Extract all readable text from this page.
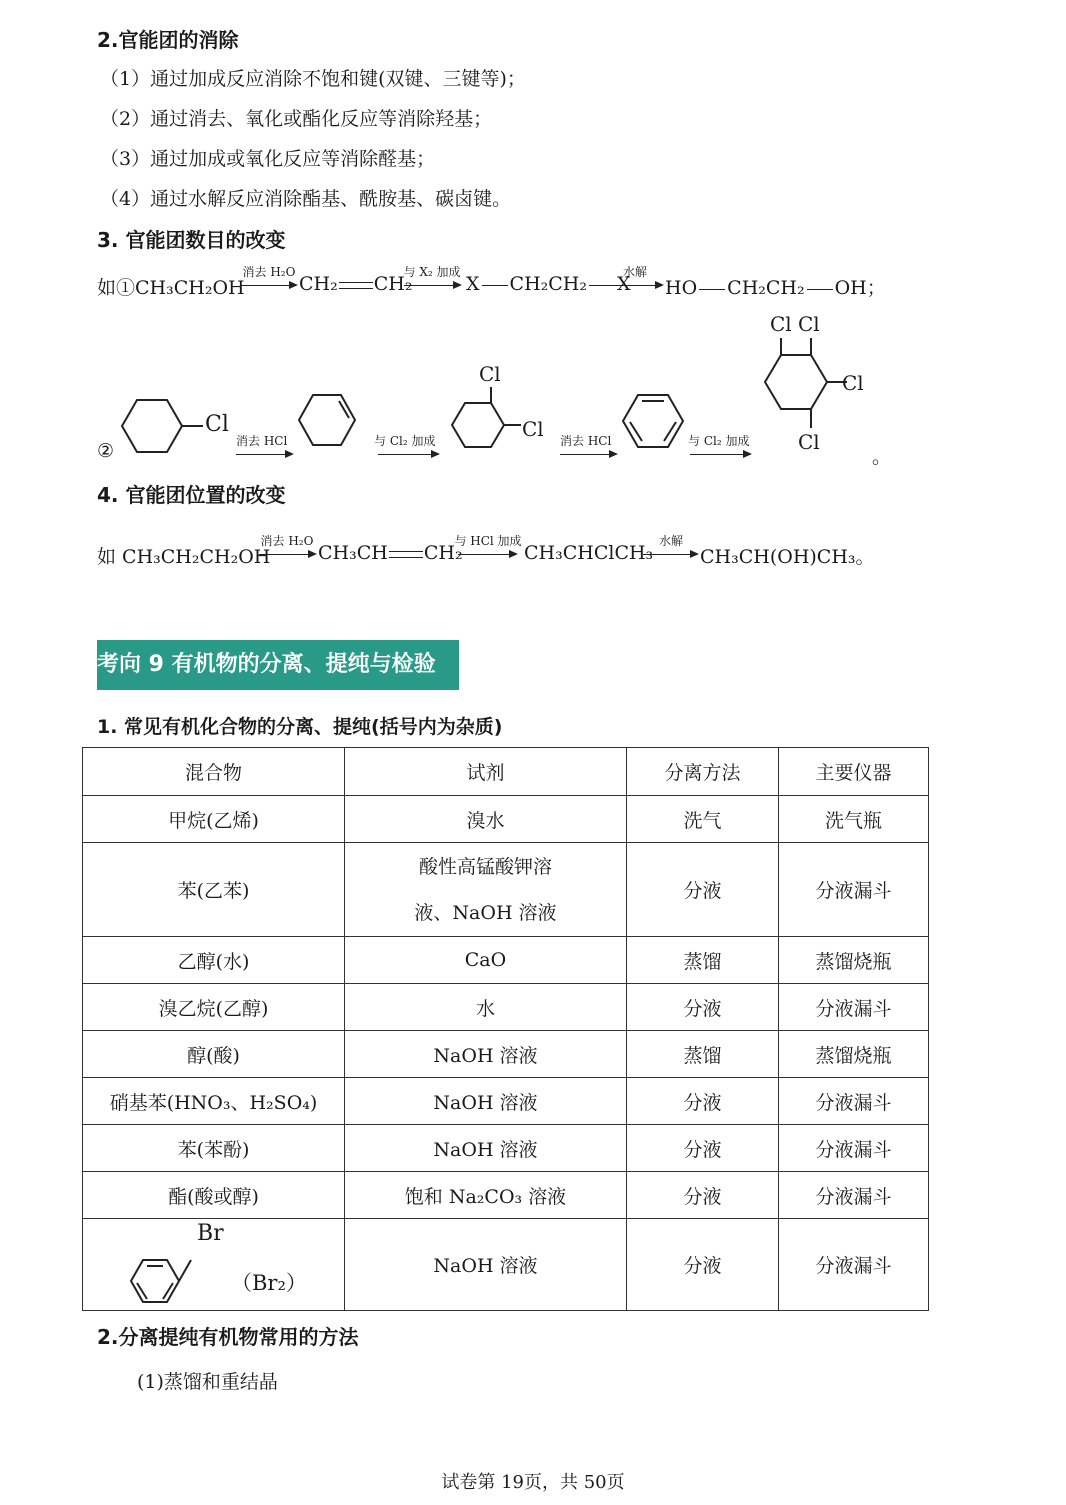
2.官能团的消除
（1）通过加成反应消除不饱和键(双键、三键等)；
（2）通过消去、氧化或酯化反应等消除羟基；
（3）通过加成或氧化反应等消除醛基；
（4）通过水解反应消除酯基、酰胺基、碳卤键。
3. 官能团数目的改变
如①CH₃CH₂OH
消去 H₂O
→ CH₂ CH₂
与 X₂ 加成
→ X CH₂CH₂ X
水解
→ HO CH₂CH₂ OH；
②
Cl
消去 HCl	与 Cl₂ 加成
Cl
Cl 消去 HCl	与 Cl₂ 加成
Cl Cl
Cl
Cl
。
4. 官能团位置的改变
如 CH₃CH₂CH₂OH
消去 H₂O
→ CH₃CH CH₂
与 HCl 加成
→ CH₃CHClCH₃
水解
→ CH₃CH(OH)CH₃。
考向 9 有机物的分离、提纯与检验
1. 常见有机化合物的分离、提纯(括号内为杂质)
混合物	试剂	分离方法	主要仪器
甲烷(乙烯)	溴水	洗气	洗气瓶
苯(乙苯)	酸性高锰酸钾溶液、NaOH 溶液	分液	分液漏斗
乙醇(水)	CaO	蒸馏	蒸馏烧瓶
溴乙烷(乙醇)	水	分液	分液漏斗
醇(酸)	NaOH 溶液	蒸馏	蒸馏烧瓶
硝基苯(HNO₃、H₂SO₄)	NaOH 溶液	分液	分液漏斗
苯(苯酚)	NaOH 溶液	分液	分液漏斗
酯(酸或醇)	饱和 Na₂CO₃ 溶液	分液	分液漏斗

Br
（Br₂）	NaOH 溶液	分液	分液漏斗
2.分离提纯有机物常用的方法
(1)蒸馏和重结晶
试卷第 19页，共 50页
